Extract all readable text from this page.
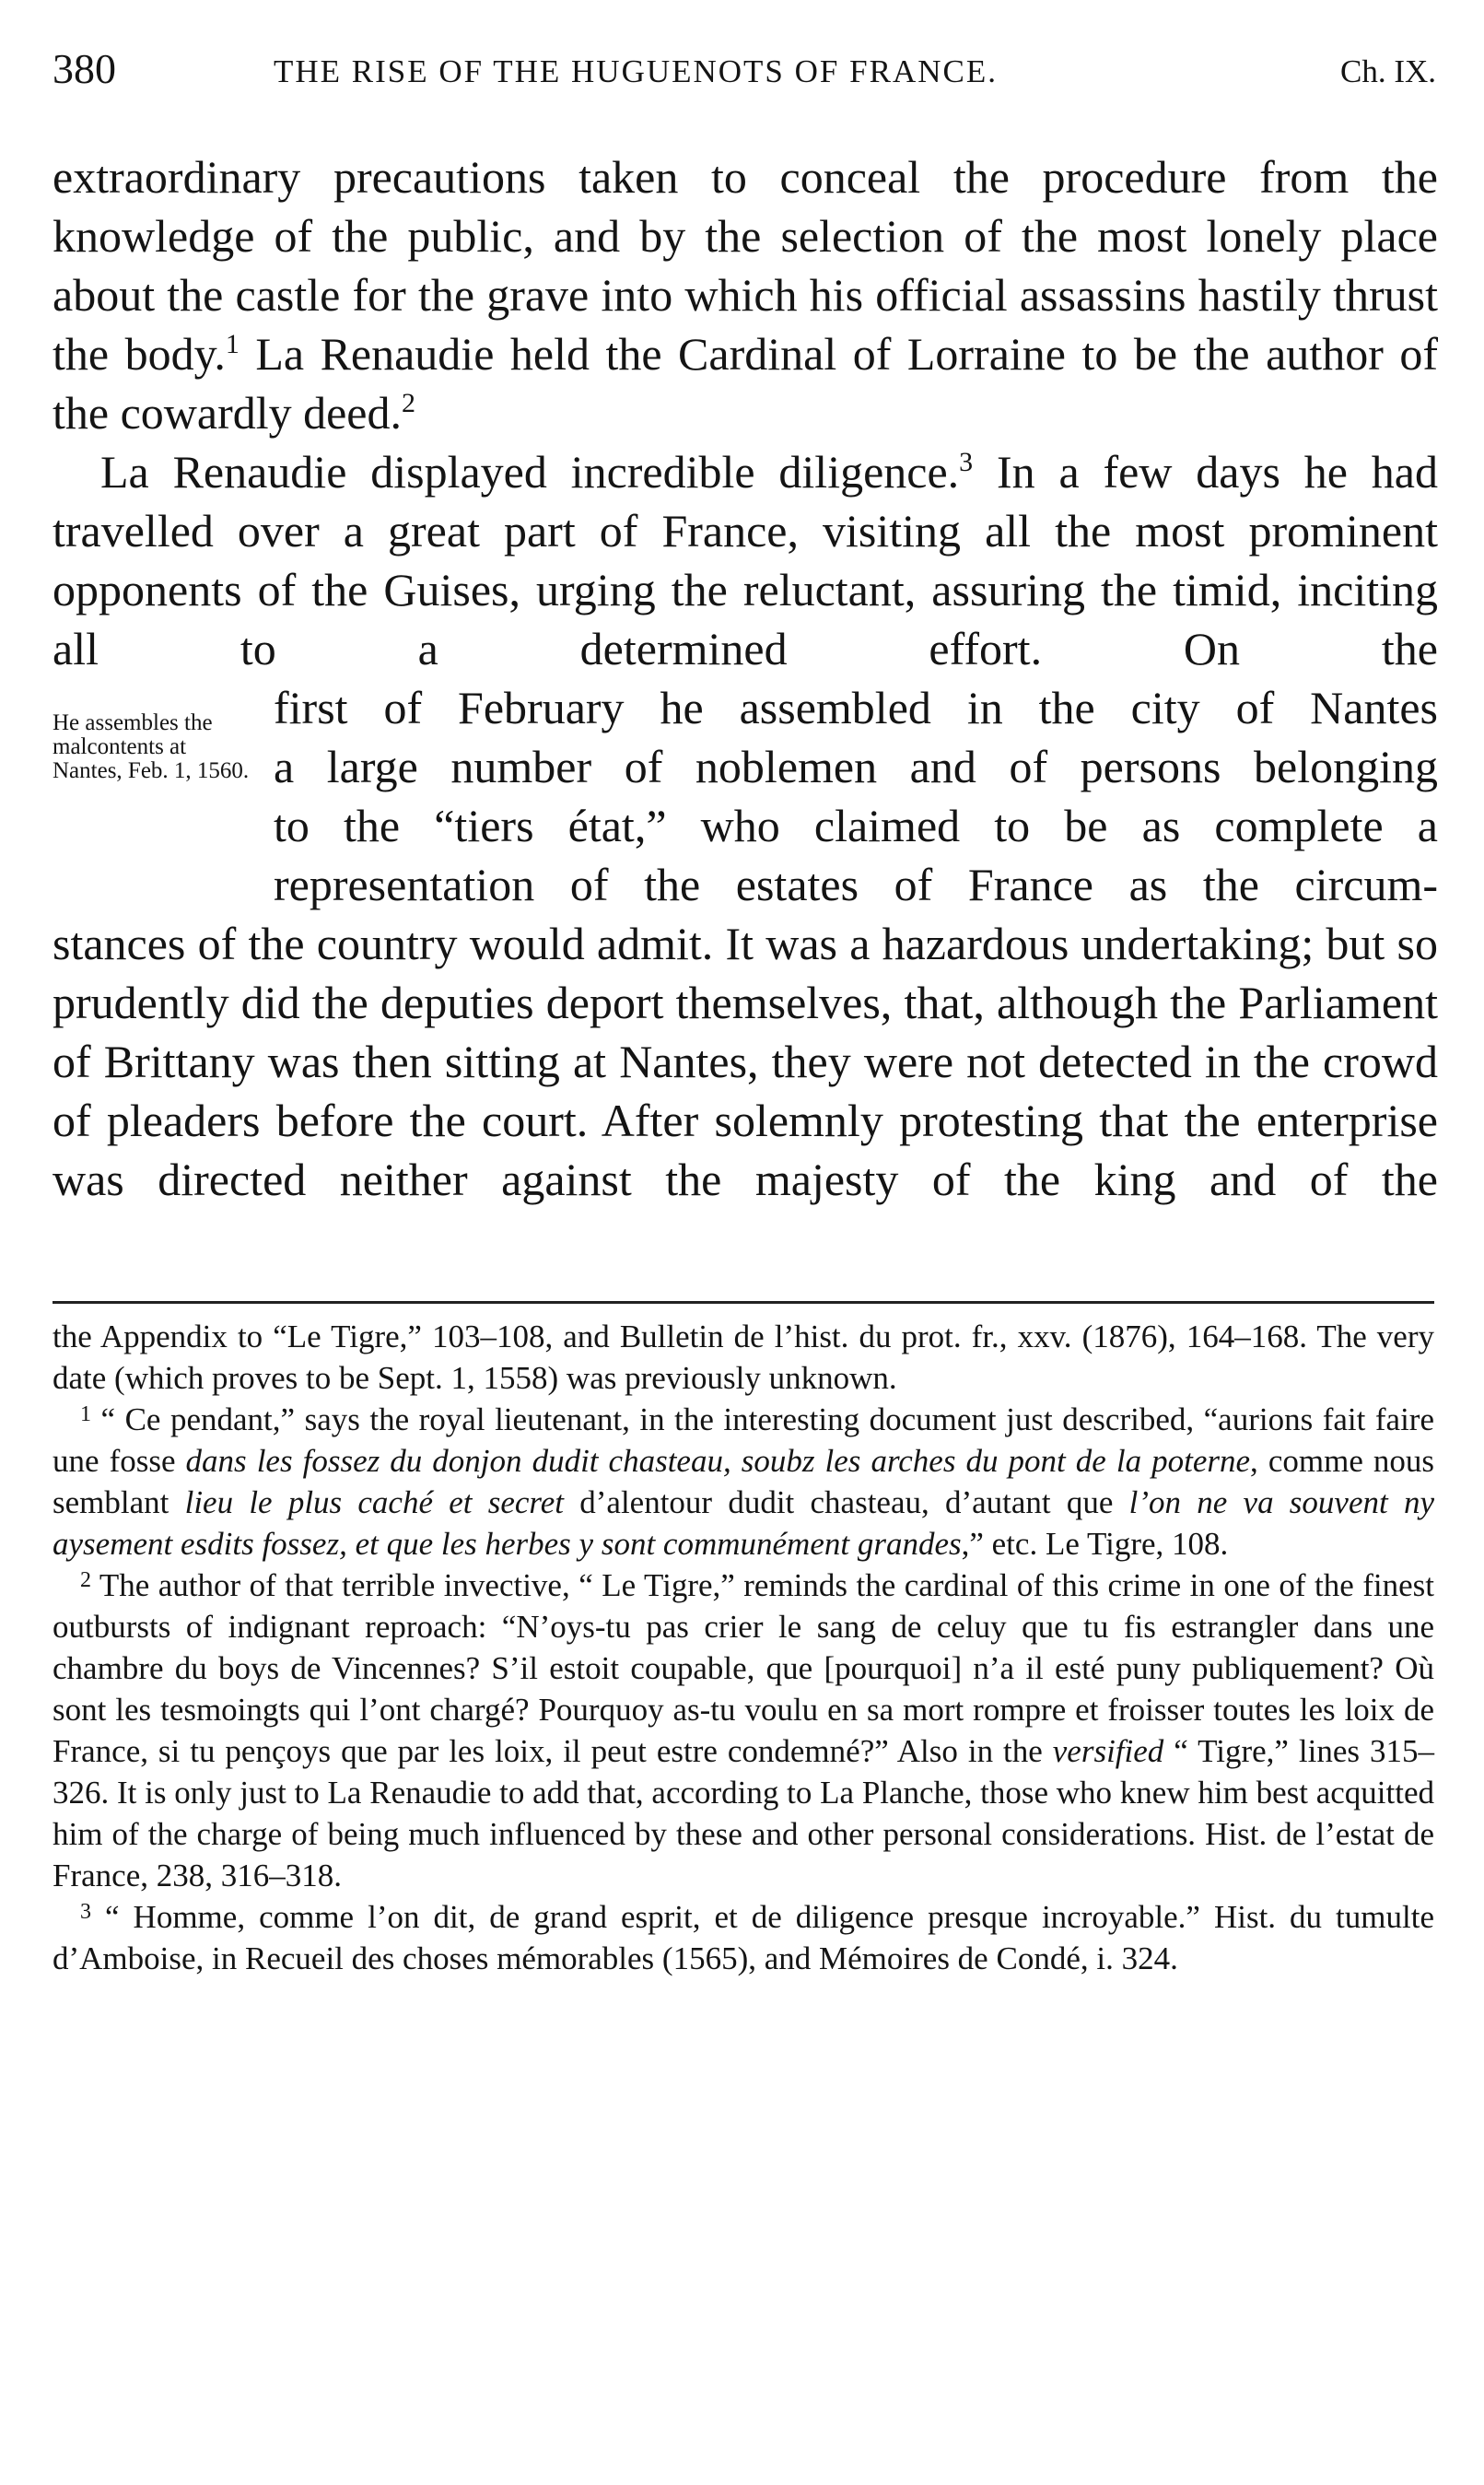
380	THE RISE OF THE HUGUENOTS OF FRANCE.	Ch. IX.

extraordinary precautions taken to conceal the procedure from the knowledge of the public, and by the selection of the most lonely place about the castle for the grave into which his official assassins hastily thrust the body.$^1$ La Renaudie held the Cardinal of Lorraine to be the author of the cowardly deed.$^2$

La Renaudie displayed incredible diligence.$^3$ In a few days he had travelled over a great part of France, visiting all the most prominent opponents of the Guises, urging the reluctant, assuring the timid, inciting all to a determined effort. On the

He assembles the malcontents at Nantes, Feb. 1, 1560.
first of February he assembled in the city of Nantes
a large number of noblemen and of persons belonging
to the “tiers état,” who claimed to be as complete a
representation of the estates of France as the circum-

stances of the country would admit. It was a hazardous undertaking; but so prudently did the deputies deport themselves, that, although the Parliament of Brittany was then sitting at Nantes, they were not detected in the crowd of pleaders before the court. After solemnly protesting that the enterprise was directed neither against the majesty of the king and of the

the Appendix to “Le Tigre,” 103–108, and Bulletin de l’hist. du prot. fr., xxv. (1876), 164–168. The very date (which proves to be Sept. 1, 1558) was previously unknown.

$^1$ “ Ce pendant,” says the royal lieutenant, in the interesting document just described, “aurions fait faire une fosse dans les fossez du donjon dudit chasteau, soubz les arches du pont de la poterne, comme nous semblant lieu le plus caché et secret d’alentour dudit chasteau, d’autant que l’on ne va souvent ny aysement esdits fossez, et que les herbes y sont communément grandes,” etc. Le Tigre, 108.

$^2$ The author of that terrible invective, “ Le Tigre,” reminds the cardinal of this crime in one of the finest outbursts of indignant reproach: “N’oys-tu pas crier le sang de celuy que tu fis estrangler dans une chambre du boys de Vincennes? S’il estoit coupable, que [pourquoi] n’a il esté puny publiquement? Où sont les tesmoingts qui l’ont chargé? Pourquoy as-tu voulu en sa mort rompre et froisser toutes les loix de France, si tu pençoys que par les loix, il peut estre condemné?” Also in the versified “ Tigre,” lines 315–326. It is only just to La Renaudie to add that, according to La Planche, those who knew him best acquitted him of the charge of being much influenced by these and other personal considerations. Hist. de l’estat de France, 238, 316–318.

$^3$ “ Homme, comme l’on dit, de grand esprit, et de diligence presque incroyable.” Hist. du tumulte d’Amboise, in Recueil des choses mémorables (1565), and Mémoires de Condé, i. 324.
